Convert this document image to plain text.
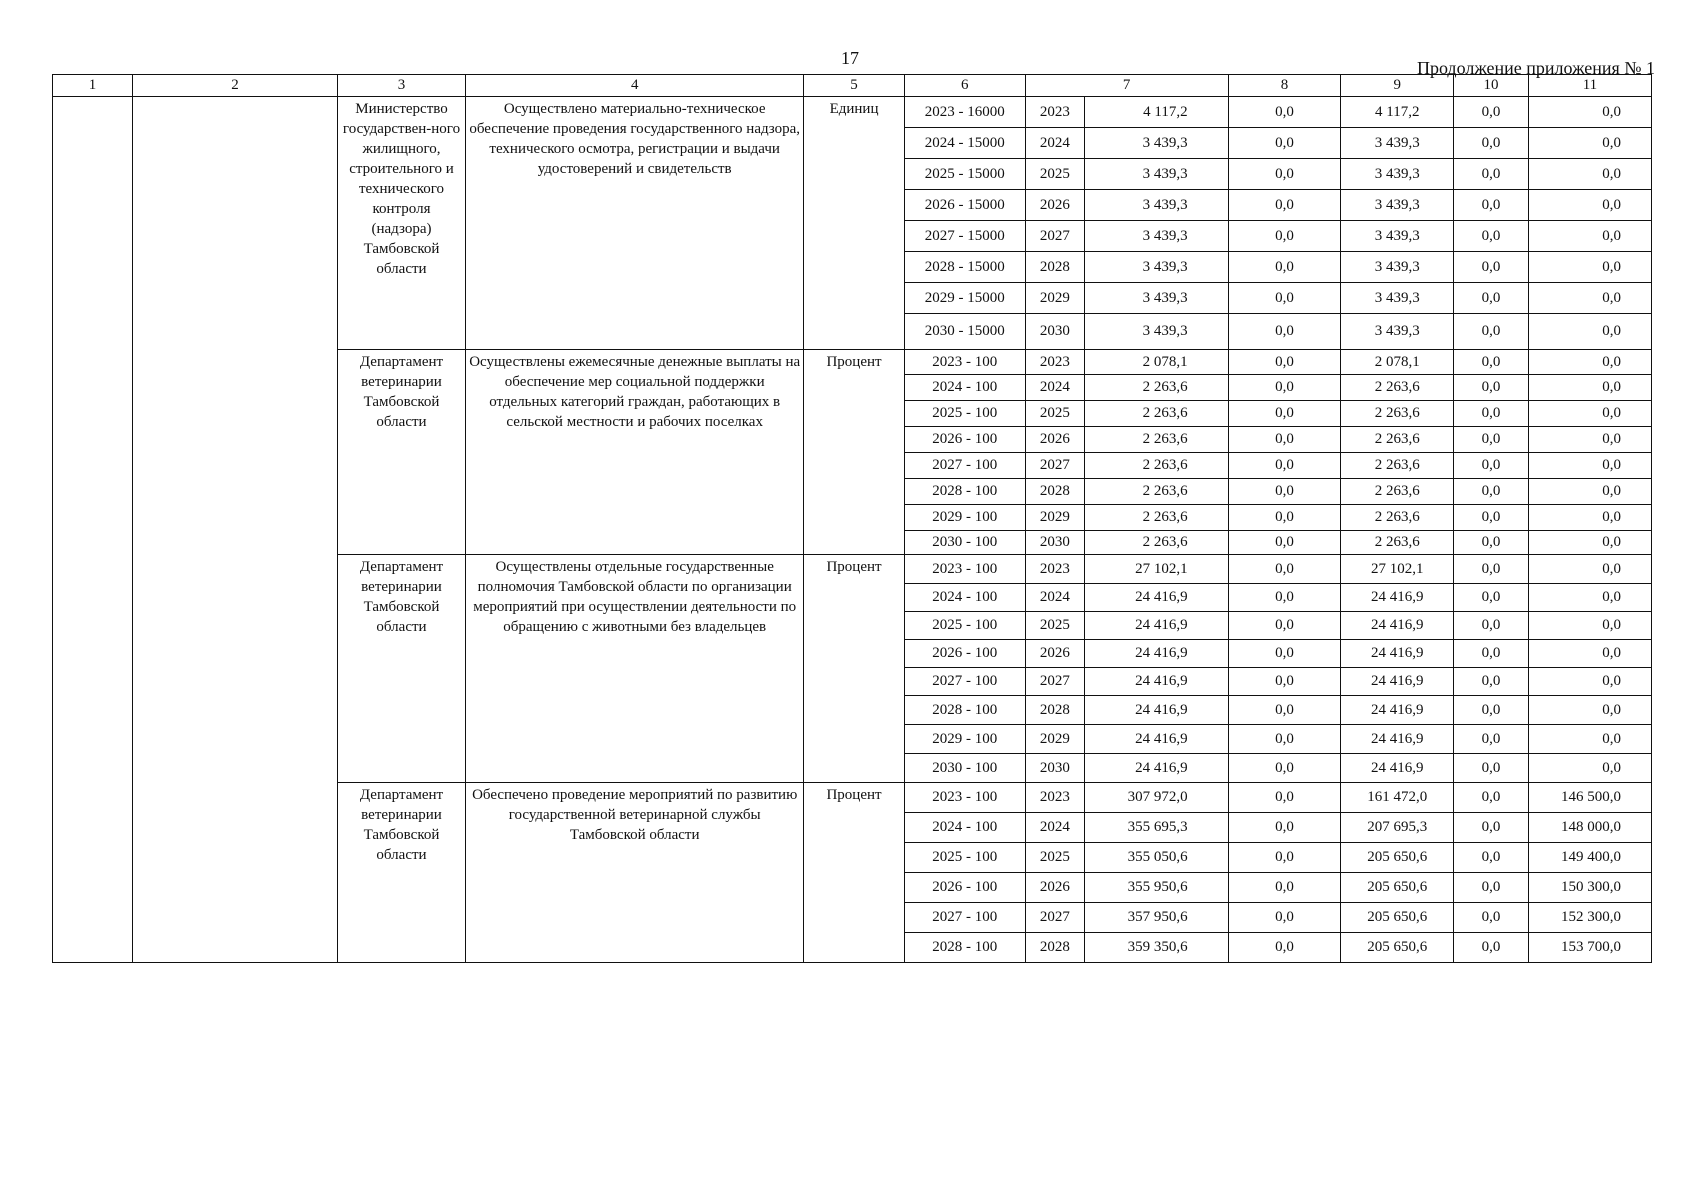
17	Продолжение приложения № 1
1	2	3	4	5	6	7		8	9	10	11
		Министерство государствен-ного жилищного, строительного и технического контроля (надзора) Тамбовской области	Осуществлено материально-техническое обеспечение проведения государственного надзора, технического осмотра, регистрации и выдачи удостоверений и свидетельств	Единиц	2023 - 16000	2023	4 117,2	0,0	4 117,2	0,0	0,0
					2024 - 15000	2024	3 439,3	0,0	3 439,3	0,0	0,0
					2025 - 15000	2025	3 439,3	0,0	3 439,3	0,0	0,0
					2026 - 15000	2026	3 439,3	0,0	3 439,3	0,0	0,0
					2027 - 15000	2027	3 439,3	0,0	3 439,3	0,0	0,0
					2028 - 15000	2028	3 439,3	0,0	3 439,3	0,0	0,0
					2029 - 15000	2029	3 439,3	0,0	3 439,3	0,0	0,0
					2030 - 15000	2030	3 439,3	0,0	3 439,3	0,0	0,0
		Департамент ветеринарии Тамбовской области	Осуществлены ежемесячные денежные выплаты на обеспечение мер социальной поддержки отдельных категорий граждан, работающих в сельской местности и рабочих поселках	Процент	2023 - 100	2023	2 078,1	0,0	2 078,1	0,0	0,0
					2024 - 100	2024	2 263,6	0,0	2 263,6	0,0	0,0
					2025 - 100	2025	2 263,6	0,0	2 263,6	0,0	0,0
					2026 - 100	2026	2 263,6	0,0	2 263,6	0,0	0,0
					2027 - 100	2027	2 263,6	0,0	2 263,6	0,0	0,0
					2028 - 100	2028	2 263,6	0,0	2 263,6	0,0	0,0
					2029 - 100	2029	2 263,6	0,0	2 263,6	0,0	0,0
					2030 - 100	2030	2 263,6	0,0	2 263,6	0,0	0,0
		Департамент ветеринарии Тамбовской области	Осуществлены отдельные государственные полномочия Тамбовской области по организации мероприятий при осуществлении деятельности по обращению с животными без владельцев	Процент	2023 - 100	2023	27 102,1	0,0	27 102,1	0,0	0,0
					2024 - 100	2024	24 416,9	0,0	24 416,9	0,0	0,0
					2025 - 100	2025	24 416,9	0,0	24 416,9	0,0	0,0
					2026 - 100	2026	24 416,9	0,0	24 416,9	0,0	0,0
					2027 - 100	2027	24 416,9	0,0	24 416,9	0,0	0,0
					2028 - 100	2028	24 416,9	0,0	24 416,9	0,0	0,0
					2029 - 100	2029	24 416,9	0,0	24 416,9	0,0	0,0
					2030 - 100	2030	24 416,9	0,0	24 416,9	0,0	0,0
		Департамент ветеринарии Тамбовской области	Обеспечено проведение мероприятий по развитию государственной ветеринарной службы Тамбовской области	Процент	2023 - 100	2023	307 972,0	0,0	161 472,0	0,0	146 500,0
					2024 - 100	2024	355 695,3	0,0	207 695,3	0,0	148 000,0
					2025 - 100	2025	355 050,6	0,0	205 650,6	0,0	149 400,0
					2026 - 100	2026	355 950,6	0,0	205 650,6	0,0	150 300,0
					2027 - 100	2027	357 950,6	0,0	205 650,6	0,0	152 300,0
					2028 - 100	2028	359 350,6	0,0	205 650,6	0,0	153 700,0
